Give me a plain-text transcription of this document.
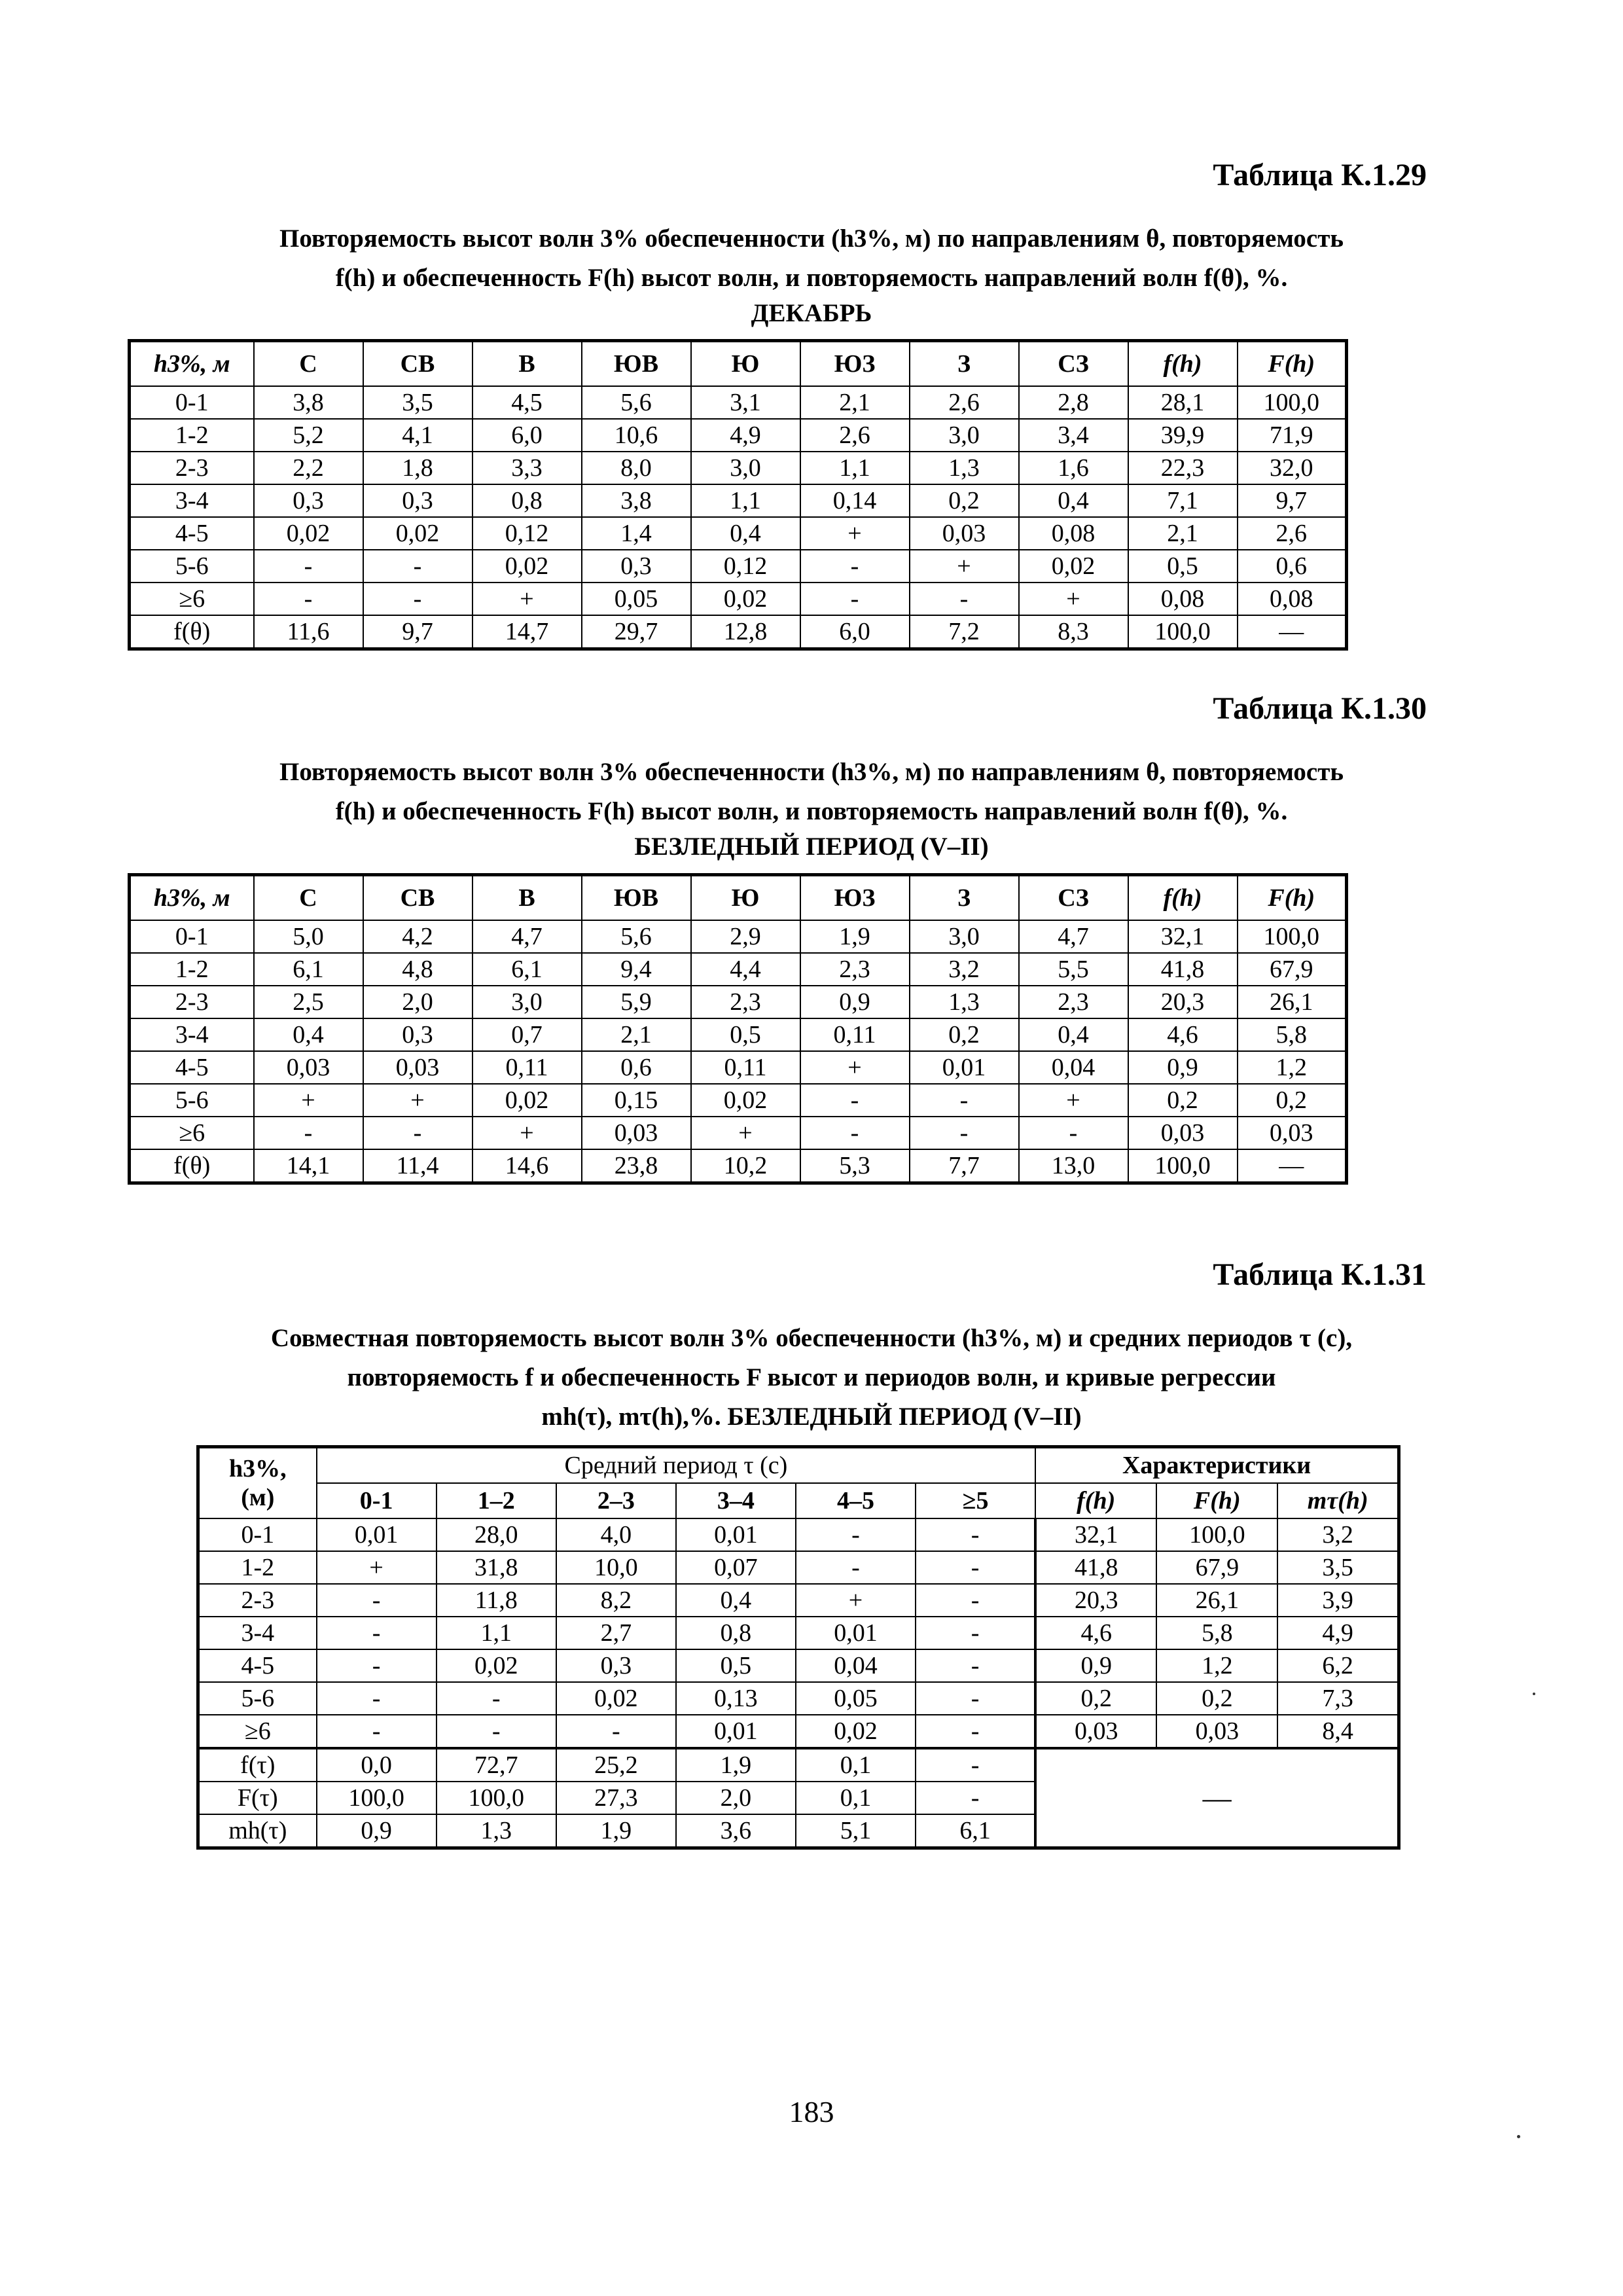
Таблица К.1.29
Повторяемость высот волн 3% обеспеченности (h3%, м) по направлениям θ, повторяемость
f(h) и обеспеченность F(h) высот волн, и повторяемость направлений волн f(θ), %.
ДЕКАБРЬ
h3%, м	С	СВ	В	ЮВ	Ю	ЮЗ	З	СЗ	f(h)	F(h)
0-1	3,8	3,5	4,5	5,6	3,1	2,1	2,6	2,8	28,1	100,0
1-2	5,2	4,1	6,0	10,6	4,9	2,6	3,0	3,4	39,9	71,9
2-3	2,2	1,8	3,3	8,0	3,0	1,1	1,3	1,6	22,3	32,0
3-4	0,3	0,3	0,8	3,8	1,1	0,14	0,2	0,4	7,1	9,7
4-5	0,02	0,02	0,12	1,4	0,4	+	0,03	0,08	2,1	2,6
5-6	-	-	0,02	0,3	0,12	-	+	0,02	0,5	0,6
≥6	-	-	+	0,05	0,02	-	-	+	0,08	0,08
f(θ)	11,6	9,7	14,7	29,7	12,8	6,0	7,2	8,3	100,0	—
Таблица К.1.30
Повторяемость высот волн 3% обеспеченности (h3%, м) по направлениям θ, повторяемость
f(h) и обеспеченность F(h) высот волн, и повторяемость направлений волн f(θ), %.
БЕЗЛЕДНЫЙ ПЕРИОД (V–II)
h3%, м	С	СВ	В	ЮВ	Ю	ЮЗ	З	СЗ	f(h)	F(h)
0-1	5,0	4,2	4,7	5,6	2,9	1,9	3,0	4,7	32,1	100,0
1-2	6,1	4,8	6,1	9,4	4,4	2,3	3,2	5,5	41,8	67,9
2-3	2,5	2,0	3,0	5,9	2,3	0,9	1,3	2,3	20,3	26,1
3-4	0,4	0,3	0,7	2,1	0,5	0,11	0,2	0,4	4,6	5,8
4-5	0,03	0,03	0,11	0,6	0,11	+	0,01	0,04	0,9	1,2
5-6	+	+	0,02	0,15	0,02	-	-	+	0,2	0,2
≥6	-	-	+	0,03	+	-	-	-	0,03	0,03
f(θ)	14,1	11,4	14,6	23,8	10,2	5,3	7,7	13,0	100,0	—
Таблица К.1.31
Совместная повторяемость высот волн 3% обеспеченности (h3%, м) и средних периодов τ (с),
повторяемость f и обеспеченность F высот и периодов волн, и кривые регрессии
mh(τ), mτ(h),%. БЕЗЛЕДНЫЙ ПЕРИОД (V–II)
h3%,
(м)	Средний период τ (с)						Характеристики		
	0-1	1–2	2–3	3–4	4–5	≥5	f(h)	F(h)	mτ(h)
0-1	0,01	28,0	4,0	0,01	-	-	32,1	100,0	3,2
1-2	+	31,8	10,0	0,07	-	-	41,8	67,9	3,5
2-3	-	11,8	8,2	0,4	+	-	20,3	26,1	3,9
3-4	-	1,1	2,7	0,8	0,01	-	4,6	5,8	4,9
4-5	-	0,02	0,3	0,5	0,04	-	0,9	1,2	6,2
5-6	-	-	0,02	0,13	0,05	-	0,2	0,2	7,3
≥6	-	-	-	0,01	0,02	-	0,03	0,03	8,4
f(τ)	0,0	72,7	25,2	1,9	0,1	-	—		
F(τ)	100,0	100,0	27,3	2,0	0,1	-			
mh(τ)	0,9	1,3	1,9	3,6	5,1	6,1			
183
